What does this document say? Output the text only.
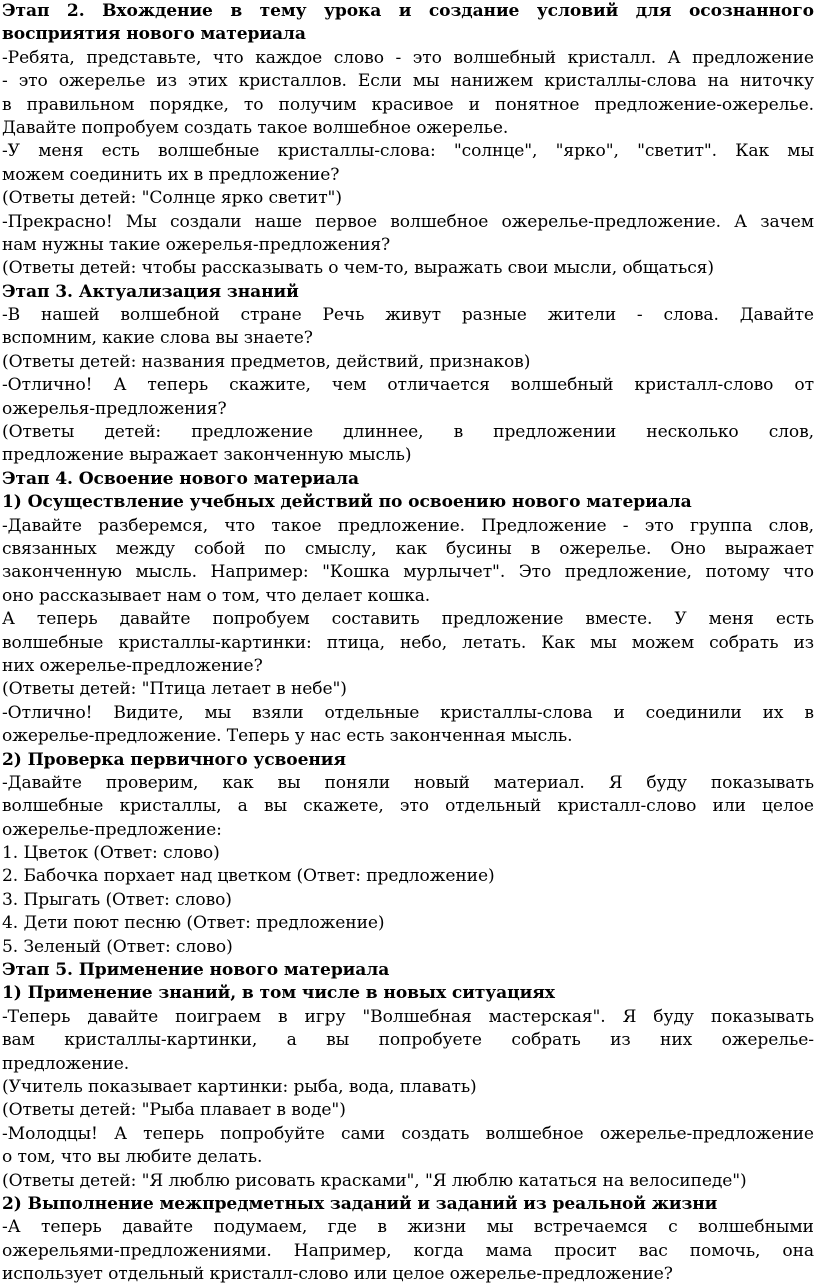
Этап 2. Вхождение в тему урока и создание условий для осознанного
восприятия нового материала
-Ребята, представьте, что каждое слово - это волшебный кристалл. А предложение
- это ожерелье из этих кристаллов. Если мы нанижем кристаллы-слова на ниточку
в правильном порядке, то получим красивое и понятное предложение-ожерелье.
Давайте попробуем создать такое волшебное ожерелье.
-У меня есть волшебные кристаллы-слова: "солнце", "ярко", "светит". Как мы
можем соединить их в предложение?
(Ответы детей: "Солнце ярко светит")
-Прекрасно! Мы создали наше первое волшебное ожерелье-предложение. А зачем
нам нужны такие ожерелья-предложения?
(Ответы детей: чтобы рассказывать о чем-то, выражать свои мысли, общаться)
Этап 3. Актуализация знаний
-В нашей волшебной стране Речь живут разные жители - слова. Давайте
вспомним, какие слова вы знаете?
(Ответы детей: названия предметов, действий, признаков)
-Отлично! А теперь скажите, чем отличается волшебный кристалл-слово от
ожерелья-предложения?
(Ответы детей: предложение длиннее, в предложении несколько слов,
предложение выражает законченную мысль)
Этап 4. Освоение нового материала
1) Осуществление учебных действий по освоению нового материала
-Давайте разберемся, что такое предложение. Предложение - это группа слов,
связанных между собой по смыслу, как бусины в ожерелье. Оно выражает
законченную мысль. Например: "Кошка мурлычет". Это предложение, потому что
оно рассказывает нам о том, что делает кошка.
А теперь давайте попробуем составить предложение вместе. У меня есть
волшебные кристаллы-картинки: птица, небо, летать. Как мы можем собрать из
них ожерелье-предложение?
(Ответы детей: "Птица летает в небе")
-Отлично! Видите, мы взяли отдельные кристаллы-слова и соединили их в
ожерелье-предложение. Теперь у нас есть законченная мысль.
2) Проверка первичного усвоения
-Давайте проверим, как вы поняли новый материал. Я буду показывать
волшебные кристаллы, а вы скажете, это отдельный кристалл-слово или целое
ожерелье-предложение:
1. Цветок (Ответ: слово)
2. Бабочка порхает над цветком (Ответ: предложение)
3. Прыгать (Ответ: слово)
4. Дети поют песню (Ответ: предложение)
5. Зеленый (Ответ: слово)
Этап 5. Применение нового материала
1) Применение знаний, в том числе в новых ситуациях
-Теперь давайте поиграем в игру "Волшебная мастерская". Я буду показывать
вам кристаллы-картинки, а вы попробуете собрать из них ожерелье-
предложение.
(Учитель показывает картинки: рыба, вода, плавать)
(Ответы детей: "Рыба плавает в воде")
-Молодцы! А теперь попробуйте сами создать волшебное ожерелье-предложение
о том, что вы любите делать.
(Ответы детей: "Я люблю рисовать красками", "Я люблю кататься на велосипеде")
2) Выполнение межпредметных заданий и заданий из реальной жизни
-А теперь давайте подумаем, где в жизни мы встречаемся с волшебными
ожерельями-предложениями. Например, когда мама просит вас помочь, она
использует отдельный кристалл-слово или целое ожерелье-предложение?
